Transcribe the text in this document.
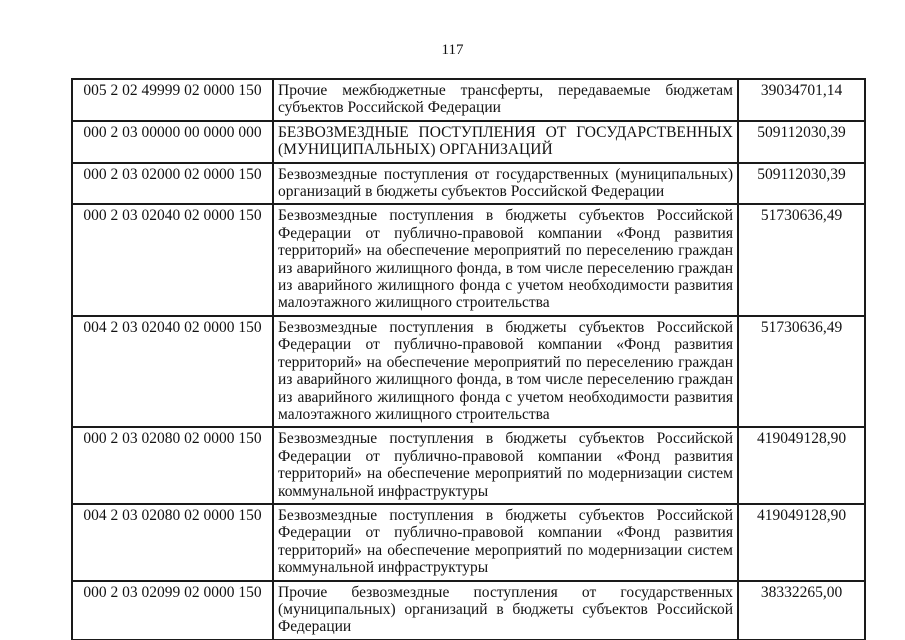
117
005 2 02 49999 02 0000 150	Прочие межбюджетные трансферты, передаваемые бюджетам субъектов Российской Федерации	39034701,14
000 2 03 00000 00 0000 000	БЕЗВОЗМЕЗДНЫЕ ПОСТУПЛЕНИЯ ОТ ГОСУДАРСТВЕННЫХ (МУНИЦИПАЛЬНЫХ) ОРГАНИЗАЦИЙ	509112030,39
000 2 03 02000 02 0000 150	Безвозмездные поступления от государственных (муниципальных) организаций в бюджеты субъектов Российской Федерации	509112030,39
000 2 03 02040 02 0000 150	Безвозмездные поступления в бюджеты субъектов Российской Федерации от публично-правовой компании «Фонд развития территорий» на обеспечение мероприятий по переселению граждан из аварийного жилищного фонда, в том числе переселению граждан из аварийного жилищного фонда с учетом необходимости развития малоэтажного жилищного строительства	51730636,49
004 2 03 02040 02 0000 150	Безвозмездные поступления в бюджеты субъектов Российской Федерации от публично-правовой компании «Фонд развития территорий» на обеспечение мероприятий по переселению граждан из аварийного жилищного фонда, в том числе переселению граждан из аварийного жилищного фонда с учетом необходимости развития малоэтажного жилищного строительства	51730636,49
000 2 03 02080 02 0000 150	Безвозмездные поступления в бюджеты субъектов Российской Федерации от публично-правовой компании «Фонд развития территорий» на обеспечение мероприятий по модернизации систем коммунальной инфраструктуры	419049128,90
004 2 03 02080 02 0000 150	Безвозмездные поступления в бюджеты субъектов Российской Федерации от публично-правовой компании «Фонд развития территорий» на обеспечение мероприятий по модернизации систем коммунальной инфраструктуры	419049128,90
000 2 03 02099 02 0000 150	Прочие безвозмездные поступления от государственных (муниципальных) организаций в бюджеты субъектов Российской Федерации	38332265,00
